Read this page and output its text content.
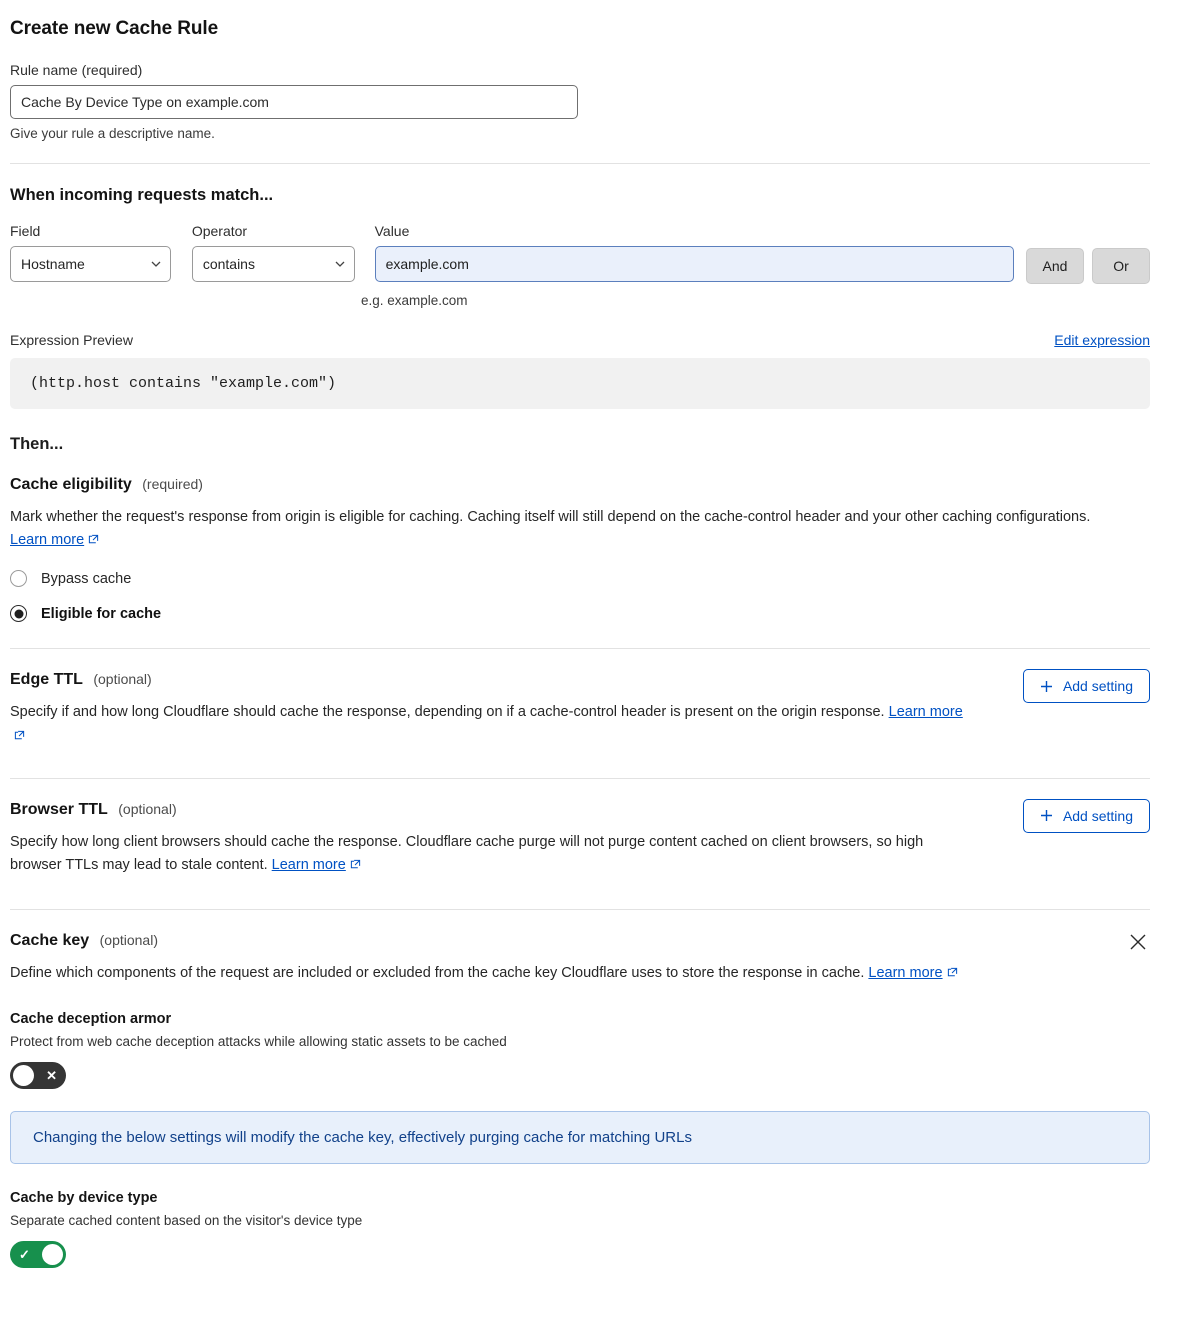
Create new Cache Rule
Rule name (required)
Cache By Device Type on example.com
Give your rule a descriptive name.
When incoming requests match...
Field
Hostname
Operator
contains
Value
example.com
And	Or
e.g. example.com
Expression Preview	Edit expression
(http.host contains "example.com")
Then...
Cache eligibility (required)
Mark whether the request's response from origin is eligible for caching. Caching itself will still depend on the cache-control header and your other caching configurations. Learn more
Bypass cache
Eligible for cache
Edge TTL (optional)
Specify if and how long Cloudflare should cache the response, depending on if a cache-control header is present on the origin response. Learn more
Add setting
Browser TTL (optional)
Specify how long client browsers should cache the response. Cloudflare cache purge will not purge content cached on client browsers, so high browser TTLs may lead to stale content. Learn more
Add setting
Cache key (optional)
Define which components of the request are included or excluded from the cache key Cloudflare uses to store the response in cache. Learn more
Cache deception armor
Protect from web cache deception attacks while allowing static assets to be cached
✕
Changing the below settings will modify the cache key, effectively purging cache for matching URLs
Cache by device type
Separate cached content based on the visitor's device type
✓
